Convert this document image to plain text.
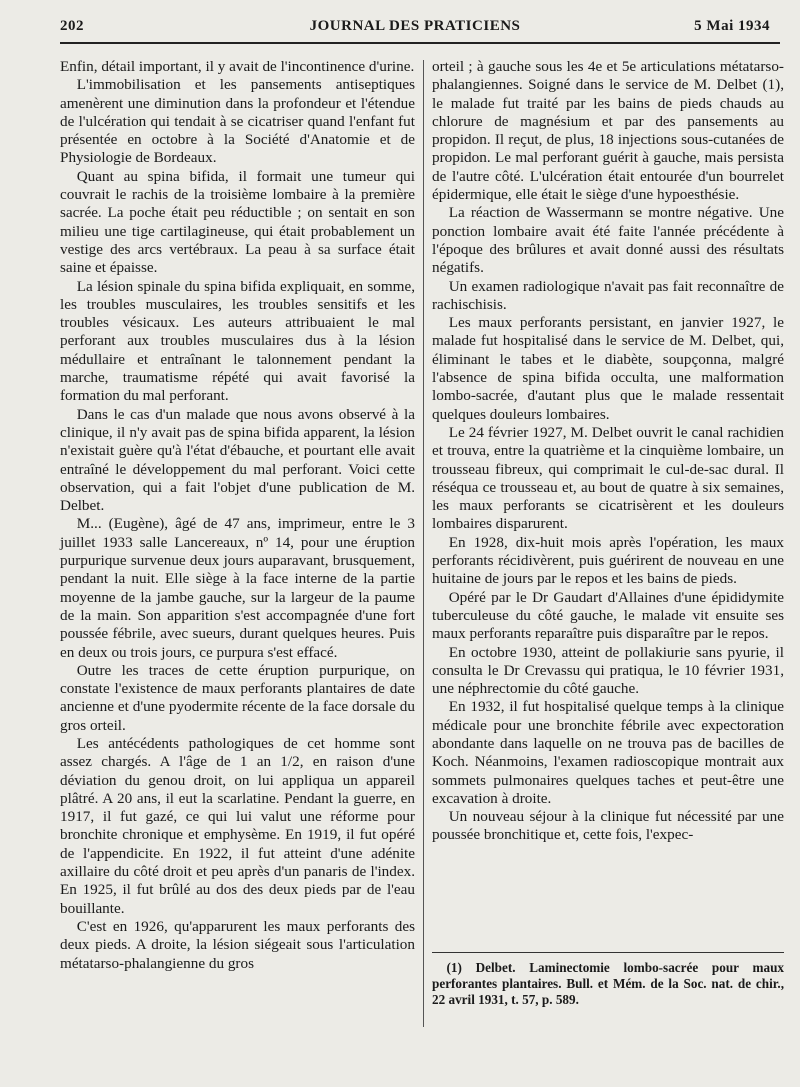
202	JOURNAL DES PRATICIENS	5 Mai 1934

Enfin, détail important, il y avait de l'incontinence d'urine.

L'immobilisation et les pansements antiseptiques amenèrent une diminution dans la profondeur et l'étendue de l'ulcération qui tendait à se cicatriser quand l'enfant fut présentée en octobre à la Société d'Anatomie et de Physiologie de Bordeaux.

Quant au spina bifida, il formait une tumeur qui couvrait le rachis de la troisième lombaire à la première sacrée. La poche était peu réductible ; on sentait en son milieu une tige cartilagineuse, qui était probablement un vestige des arcs vertébraux. La peau à sa surface était saine et épaisse.

La lésion spinale du spina bifida expliquait, en somme, les troubles musculaires, les troubles sensitifs et les troubles vésicaux. Les auteurs attribuaient le mal perforant aux troubles musculaires dus à la lésion médullaire et entraînant le talonnement pendant la marche, traumatisme répété qui avait favorisé la formation du mal perforant.

Dans le cas d'un malade que nous avons observé à la clinique, il n'y avait pas de spina bifida apparent, la lésion n'existait guère qu'à l'état d'ébauche, et pourtant elle avait entraîné le développement du mal perforant. Voici cette observation, qui a fait l'objet d'une publication de M. Delbet.

M... (Eugène), âgé de 47 ans, imprimeur, entre le 3 juillet 1933 salle Lancereaux, nº 14, pour une éruption purpurique survenue deux jours auparavant, brusquement, pendant la nuit. Elle siège à la face interne de la partie moyenne de la jambe gauche, sur la largeur de la paume de la main. Son apparition s'est accompagnée d'une fort poussée fébrile, avec sueurs, durant quelques heures. Puis en deux ou trois jours, ce purpura s'est effacé.

Outre les traces de cette éruption purpurique, on constate l'existence de maux perforants plantaires de date ancienne et d'une pyodermite récente de la face dorsale du gros orteil.

Les antécédents pathologiques de cet homme sont assez chargés. A l'âge de 1 an 1/2, en raison d'une déviation du genou droit, on lui appliqua un appareil plâtré. A 20 ans, il eut la scarlatine. Pendant la guerre, en 1917, il fut gazé, ce qui lui valut une réforme pour bronchite chronique et emphysème. En 1919, il fut opéré de l'appendicite. En 1922, il fut atteint d'une adénite axillaire du côté droit et peu après d'un panaris de l'index. En 1925, il fut brûlé au dos des deux pieds par de l'eau bouillante.

C'est en 1926, qu'apparurent les maux perforants des deux pieds. A droite, la lésion siégeait sous l'articulation métatarso-phalangienne du gros

orteil ; à gauche sous les 4e et 5e articulations métatarso-phalangiennes. Soigné dans le service de M. Delbet (1), le malade fut traité par les bains de pieds chauds au chlorure de magnésium et par des pansements au propidon. Il reçut, de plus, 18 injections sous-cutanées de propidon. Le mal perforant guérit à gauche, mais persista de l'autre côté. L'ulcération était entourée d'un bourrelet épidermique, elle était le siège d'une hypoesthésie.

La réaction de Wassermann se montre négative. Une ponction lombaire avait été faite l'année précédente à l'époque des brûlures et avait donné aussi des résultats négatifs.

Un examen radiologique n'avait pas fait reconnaître de rachischisis.

Les maux perforants persistant, en janvier 1927, le malade fut hospitalisé dans le service de M. Delbet, qui, éliminant le tabes et le diabète, soupçonna, malgré l'absence de spina bifida occulta, une malformation lombo-sacrée, d'autant plus que le malade ressentait quelques douleurs lombaires.

Le 24 février 1927, M. Delbet ouvrit le canal rachidien et trouva, entre la quatrième et la cinquième lombaire, un trousseau fibreux, qui comprimait le cul-de-sac dural. Il réséqua ce trousseau et, au bout de quatre à six semaines, les maux perforants se cicatrisèrent et les douleurs lombaires disparurent.

En 1928, dix-huit mois après l'opération, les maux perforants récidivèrent, puis guérirent de nouveau en une huitaine de jours par le repos et les bains de pieds.

Opéré par le Dr Gaudart d'Allaines d'une épididymite tuberculeuse du côté gauche, le malade vit ensuite ses maux perforants reparaître puis disparaître par le repos.

En octobre 1930, atteint de pollakiurie sans pyurie, il consulta le Dr Crevassu qui pratiqua, le 10 février 1931, une néphrectomie du côté gauche.

En 1932, il fut hospitalisé quelque temps à la clinique médicale pour une bronchite fébrile avec expectoration abondante dans laquelle on ne trouva pas de bacilles de Koch. Néanmoins, l'examen radioscopique montrait aux sommets pulmonaires quelques taches et peut-être une excavation à droite.

Un nouveau séjour à la clinique fut nécessité par une poussée bronchitique et, cette fois, l'expec-

(1) Delbet. Laminectomie lombo-sacrée pour maux perforantes plantaires. Bull. et Mém. de la Soc. nat. de chir., 22 avril 1931, t. 57, p. 589.
